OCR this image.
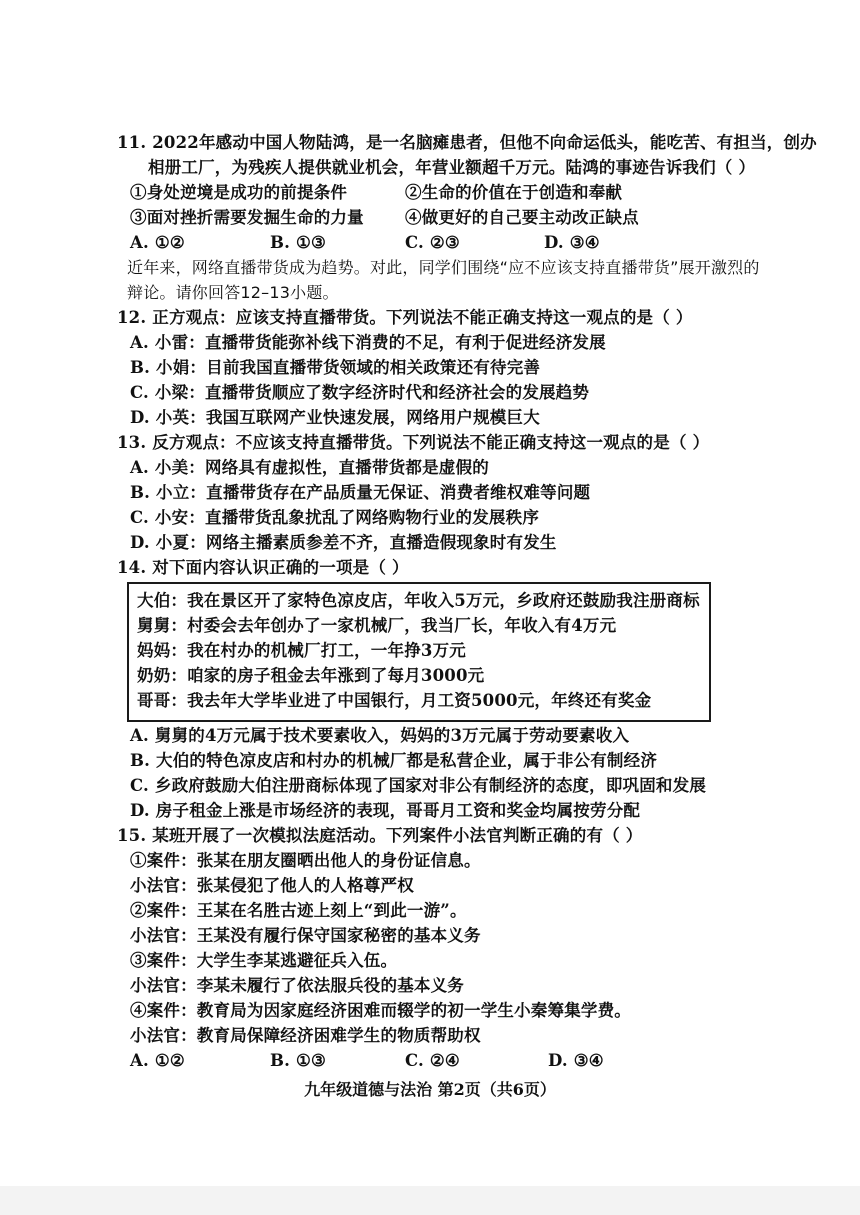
11. 2022年感动中国人物陆鸿，是一名脑瘫患者，但他不向命运低头，能吃苦、有担当，创办
相册工厂，为残疾人提供就业机会，年营业额超千万元。陆鸿的事迹告诉我们（ ）
①身处逆境是成功的前提条件	②生命的价值在于创造和奉献
③面对挫折需要发掘生命的力量 ④做更好的自己要主动改正缺点
A. ①②	B. ①③	C. ②③	D. ③④
近年来，网络直播带货成为趋势。对此，同学们围绕“应不应该支持直播带货”展开激烈的
辩论。请你回答12–13小题。
12. 正方观点：应该支持直播带货。下列说法不能正确支持这一观点的是（ ）
A. 小雷：直播带货能弥补线下消费的不足，有利于促进经济发展
B. 小娟：目前我国直播带货领域的相关政策还有待完善
C. 小梁：直播带货顺应了数字经济时代和经济社会的发展趋势
D. 小英：我国互联网产业快速发展，网络用户规模巨大
13. 反方观点：不应该支持直播带货。下列说法不能正确支持这一观点的是（ ）
A. 小美：网络具有虚拟性，直播带货都是虚假的
B. 小立：直播带货存在产品质量无保证、消费者维权难等问题
C. 小安：直播带货乱象扰乱了网络购物行业的发展秩序
D. 小夏：网络主播素质参差不齐，直播造假现象时有发生
14. 对下面内容认识正确的一项是（ ）
大伯：我在景区开了家特色凉皮店，年收入5万元，乡政府还鼓励我注册商标
舅舅：村委会去年创办了一家机械厂，我当厂长，年收入有4万元
妈妈：我在村办的机械厂打工，一年挣3万元
奶奶：咱家的房子租金去年涨到了每月3000元
哥哥：我去年大学毕业进了中国银行，月工资5000元，年终还有奖金
A. 舅舅的4万元属于技术要素收入，妈妈的3万元属于劳动要素收入
B. 大伯的特色凉皮店和村办的机械厂都是私营企业，属于非公有制经济
C. 乡政府鼓励大伯注册商标体现了国家对非公有制经济的态度，即巩固和发展
D. 房子租金上涨是市场经济的表现，哥哥月工资和奖金均属按劳分配
15. 某班开展了一次模拟法庭活动。下列案件小法官判断正确的有（ ）
①案件：张某在朋友圈晒出他人的身份证信息。
小法官：张某侵犯了他人的人格尊严权
②案件：王某在名胜古迹上刻上“到此一游”。
小法官：王某没有履行保守国家秘密的基本义务
③案件：大学生李某逃避征兵入伍。
小法官：李某未履行了依法服兵役的基本义务
④案件：教育局为因家庭经济困难而辍学的初一学生小秦筹集学费。
小法官：教育局保障经济困难学生的物质帮助权
A. ①②	B. ①③	C. ②④	D. ③④
九年级道德与法治 第2页（共6页）
